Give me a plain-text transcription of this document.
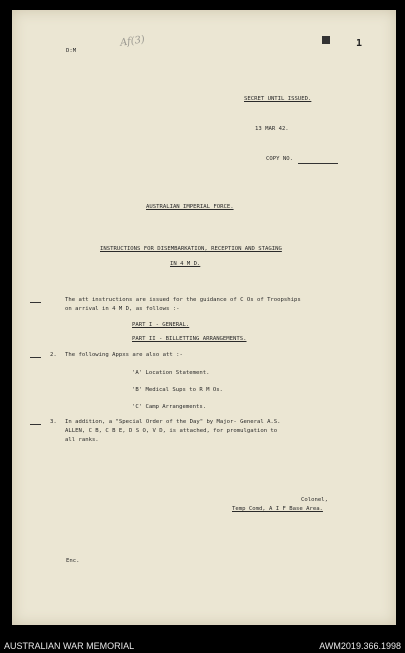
D:M
Af(3)	1
SECRET UNTIL ISSUED.
13 MAR 42.
COPY NO.
AUSTRALIAN IMPERIAL FORCE.
INSTRUCTIONS FOR DISEMBARKATION, RECEPTION AND STAGING
IN 4 M D.
The att instructions are issued for the guidance of C Os of Troopships
on arrival in 4 M D, as follows :-
PART I - GENERAL.
PART II - BILLETTING ARRANGEMENTS.
2. The following Appxs are also att :-
'A' Location Statement.
'B' Medical Sups to R M Os.
'C' Camp Arrangements.
3. In addition, a "Special Order of the Day" by Major- General A.S.
ALLEN, C B, C B E, D S O, V D, is attached, for promulgation to
all ranks.
Colonel,
Temp Comd, A I F Base Area.
Enc.
AUSTRALIAN WAR MEMORIAL	AWM2019.366.1998
